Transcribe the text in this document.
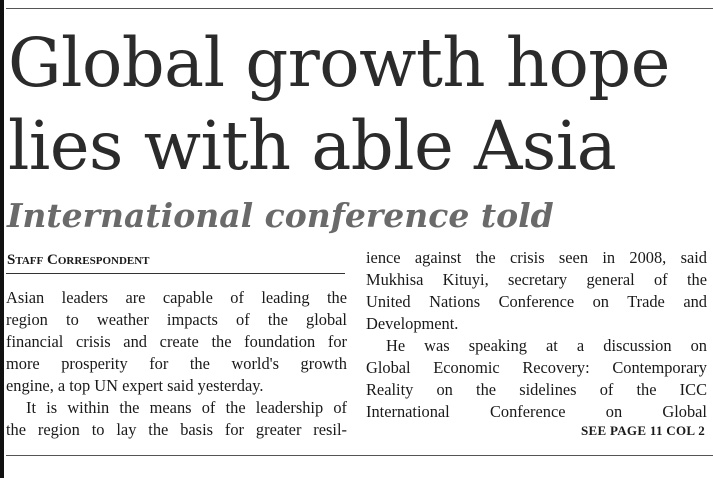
Global growth hope
lies with able Asia
International conference told
Staff Correspondent
Asian leaders are capable of leading the
region to weather impacts of the global
financial crisis and create the foundation for
more prosperity for the world's growth
engine, a top UN expert said yesterday.
It is within the means of the leadership of
the region to lay the basis for greater resil-
ience against the crisis seen in 2008, said
Mukhisa Kituyi, secretary general of the
United Nations Conference on Trade and
Development.
He was speaking at a discussion on
Global Economic Recovery: Contemporary
Reality on the sidelines of the ICC
International Conference on Global
SEE PAGE 11 COL 2
